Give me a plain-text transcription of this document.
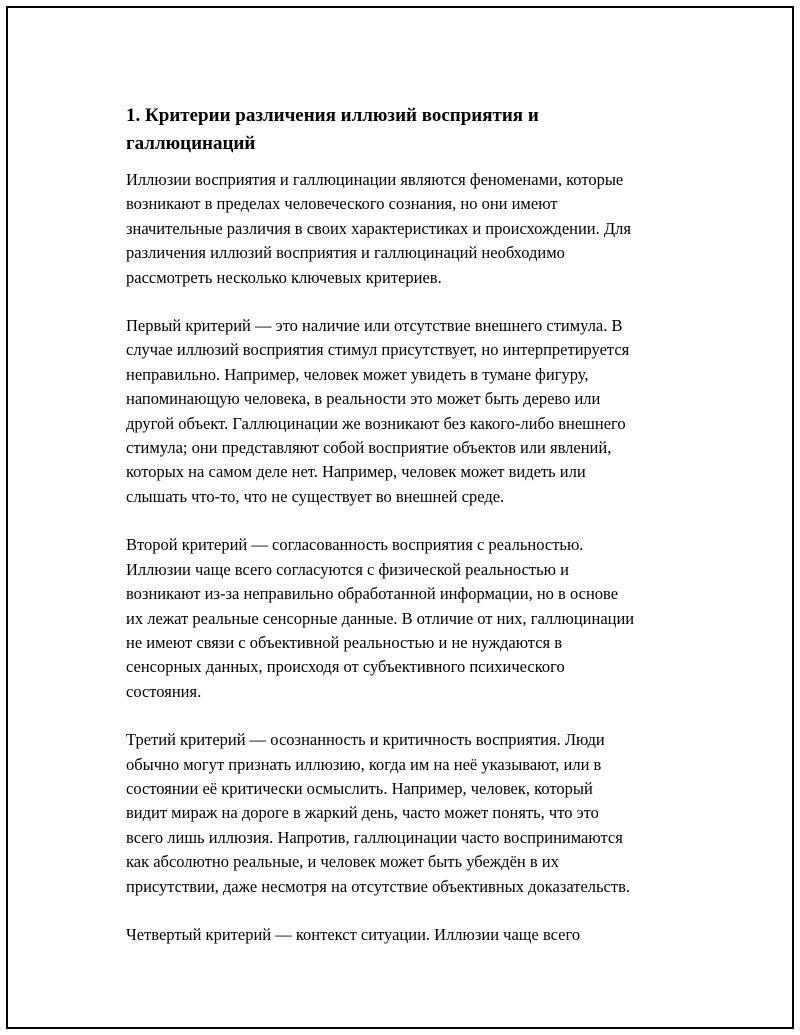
1. Критерии различения иллюзий восприятия и
галлюцинаций
Иллюзии восприятия и галлюцинации являются феноменами, которые
возникают в пределах человеческого сознания, но они имеют
значительные различия в своих характеристиках и происхождении. Для
различения иллюзий восприятия и галлюцинаций необходимо
рассмотреть несколько ключевых критериев.
Первый критерий — это наличие или отсутствие внешнего стимула. В
случае иллюзий восприятия стимул присутствует, но интерпретируется
неправильно. Например, человек может увидеть в тумане фигуру,
напоминающую человека, в реальности это может быть дерево или
другой объект. Галлюцинации же возникают без какого-либо внешнего
стимула; они представляют собой восприятие объектов или явлений,
которых на самом деле нет. Например, человек может видеть или
слышать что-то, что не существует во внешней среде.
Второй критерий — согласованность восприятия с реальностью.
Иллюзии чаще всего согласуются с физической реальностью и
возникают из-за неправильно обработанной информации, но в основе
их лежат реальные сенсорные данные. В отличие от них, галлюцинации
не имеют связи с объективной реальностью и не нуждаются в
сенсорных данных, происходя от субъективного психического
состояния.
Третий критерий — осознанность и критичность восприятия. Люди
обычно могут признать иллюзию, когда им на неё указывают, или в
состоянии её критически осмыслить. Например, человек, который
видит мираж на дороге в жаркий день, часто может понять, что это
всего лишь иллюзия. Напротив, галлюцинации часто воспринимаются
как абсолютно реальные, и человек может быть убеждён в их
присутствии, даже несмотря на отсутствие объективных доказательств.
Четвертый критерий — контекст ситуации. Иллюзии чаще всего
